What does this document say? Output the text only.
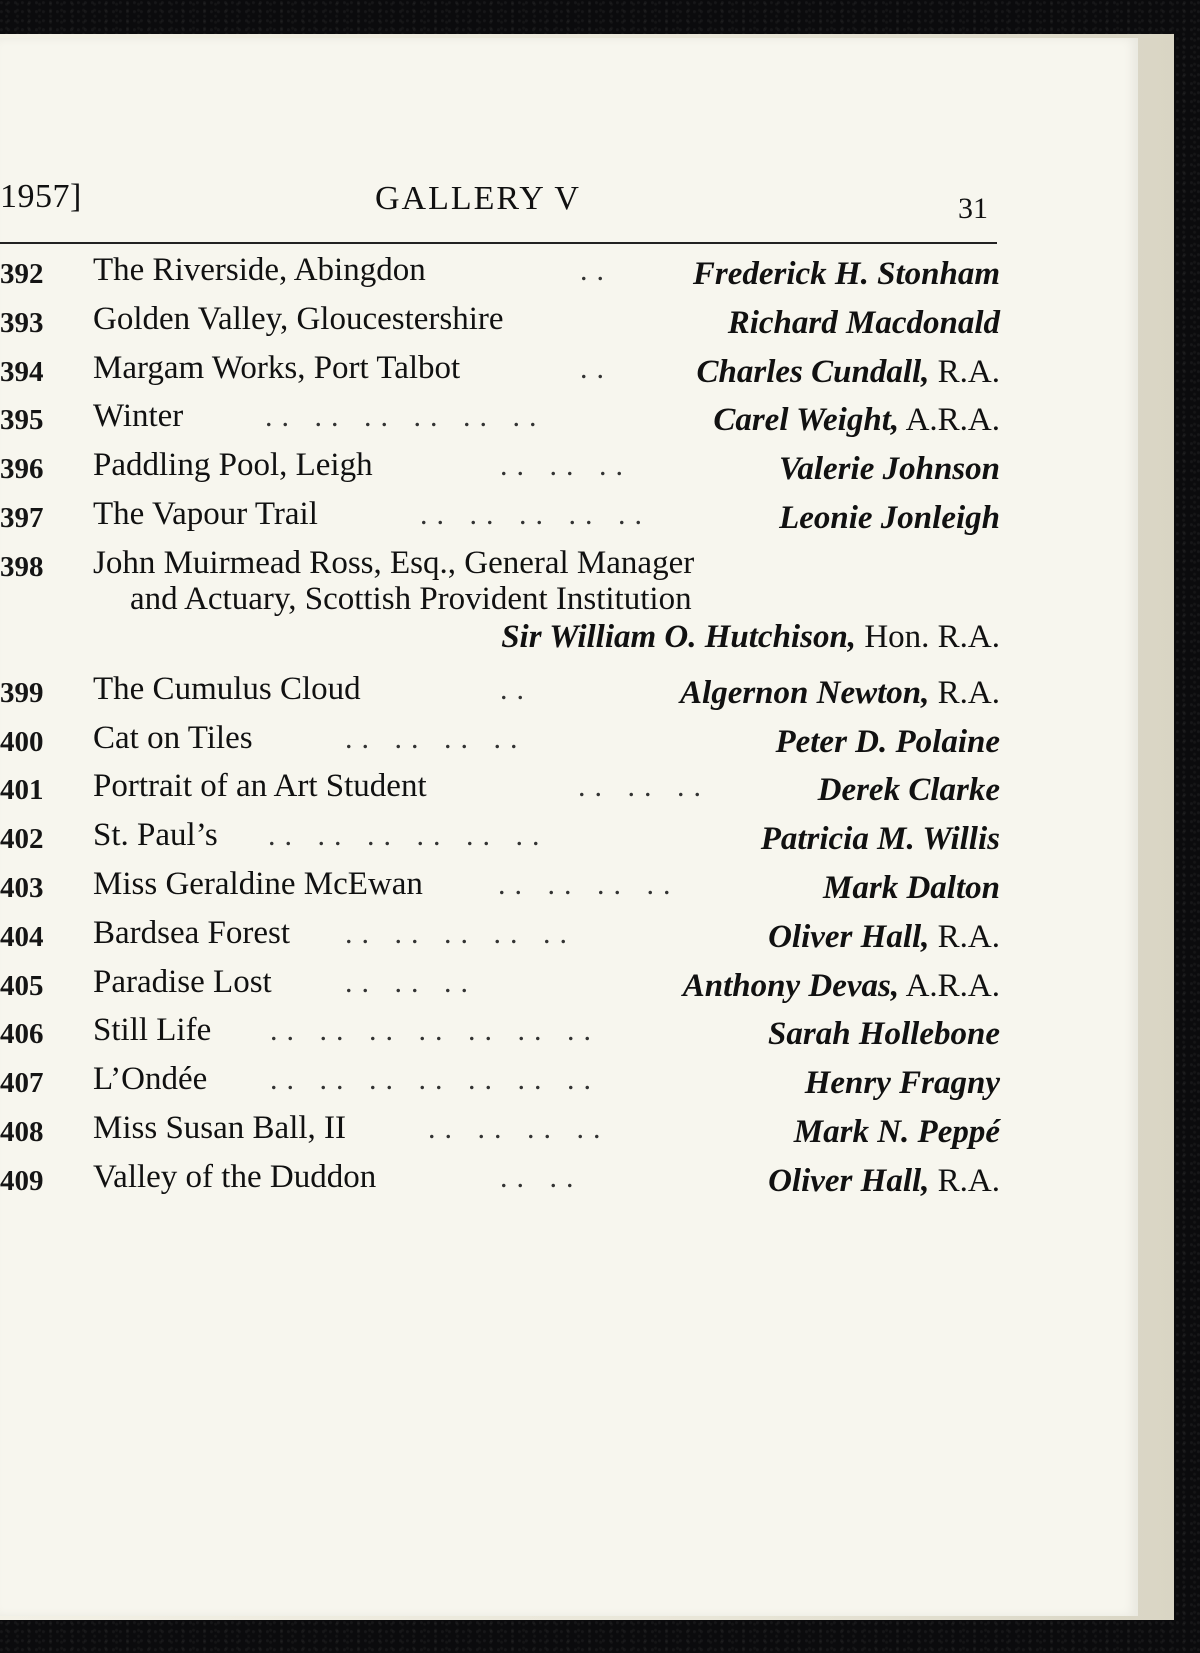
1957]	GALLERY V	31
392 The Riverside, Abingdon	.. Frederick H. Stonham
393 Golden Valley, Gloucestershire	Richard Macdonald
394 Margam Works, Port Talbot	..	Charles Cundall, R.A.
395 Winter	.. .. .. .. .. ..	Carel Weight, A.R.A.
396 Paddling Pool, Leigh	.. .. ..	Valerie Johnson
397 The Vapour Trail	.. .. .. .. ..	Leonie Jonleigh
398 John Muirmead Ross, Esq., General Manager
and Actuary, Scottish Provident Institution
Sir William O. Hutchison, Hon. R.A.
399 The Cumulus Cloud	..	Algernon Newton, R.A.
400 Cat on Tiles	.. .. .. ..	Peter D. Polaine
401 Portrait of an Art Student	.. .. ..	Derek Clarke
402 St. Paul’s .. .. .. .. .. ..	Patricia M. Willis
403 Miss Geraldine McEwan	.. .. .. ..	Mark Dalton
404 Bardsea Forest .. .. .. .. ..	Oliver Hall, R.A.
405 Paradise Lost .. .. ..	Anthony Devas, A.R.A.
406 Still Life .. .. .. .. .. .. ..	Sarah Hollebone
407 L’Ondée .. .. .. .. .. .. ..	Henry Fragny
408 Miss Susan Ball, II	.. .. .. ..	Mark N. Peppé
409 Valley of the Duddon	.. ..	Oliver Hall, R.A.
